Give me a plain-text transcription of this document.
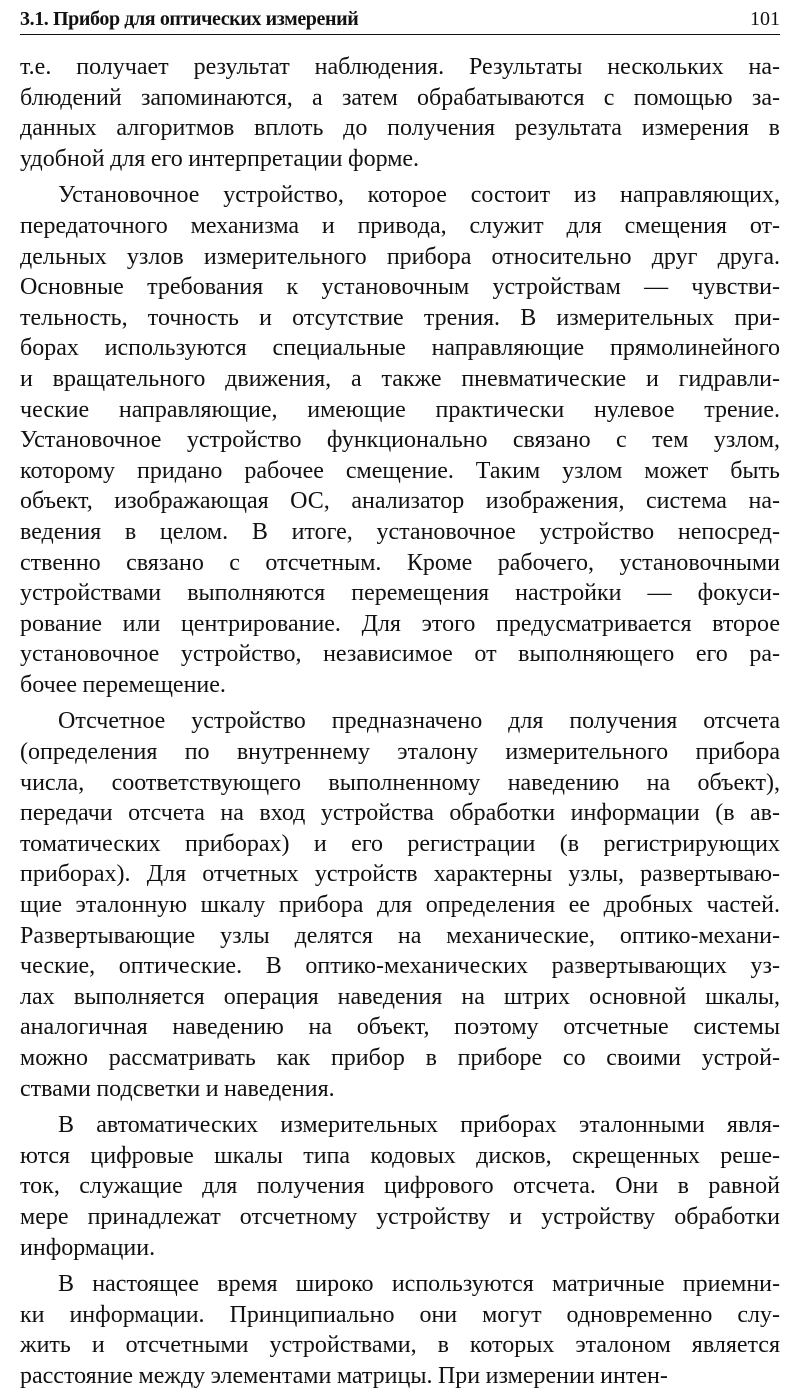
3.1. Прибор для оптических измерений	101
т.е. получает результат наблюдения. Результаты нескольких на-
блюдений запоминаются, а затем обрабатываются с помощью за-
данных алгоритмов вплоть до получения результата измерения в
удобной для его интерпретации форме.
Установочное устройство, которое состоит из направляющих,
передаточного механизма и привода, служит для смещения от-
дельных узлов измерительного прибора относительно друг друга.
Основные требования к установочным устройствам — чувстви-
тельность, точность и отсутствие трения. В измерительных при-
борах используются специальные направляющие прямолинейного
и вращательного движения, а также пневматические и гидравли-
ческие направляющие, имеющие практически нулевое трение.
Установочное устройство функционально связано с тем узлом,
которому придано рабочее смещение. Таким узлом может быть
объект, изображающая ОС, анализатор изображения, система на-
ведения в целом. В итоге, установочное устройство непосред-
ственно связано с отсчетным. Кроме рабочего, установочными
устройствами выполняются перемещения настройки — фокуси-
рование или центрирование. Для этого предусматривается второе
установочное устройство, независимое от выполняющего его ра-
бочее перемещение.
Отсчетное устройство предназначено для получения отсчета
(определения по внутреннему эталону измерительного прибора
числа, соответствующего выполненному наведению на объект),
передачи отсчета на вход устройства обработки информации (в ав-
томатических приборах) и его регистрации (в регистрирующих
приборах). Для отчетных устройств характерны узлы, развертываю-
щие эталонную шкалу прибора для определения ее дробных частей.
Развертывающие узлы делятся на механические, оптико-механи-
ческие, оптические. В оптико-механических развертывающих уз-
лах выполняется операция наведения на штрих основной шкалы,
аналогичная наведению на объект, поэтому отсчетные системы
можно рассматривать как прибор в приборе со своими устрой-
ствами подсветки и наведения.
В автоматических измерительных приборах эталонными явля-
ются цифровые шкалы типа кодовых дисков, скрещенных реше-
ток, служащие для получения цифрового отсчета. Они в равной
мере принадлежат отсчетному устройству и устройству обработки
информации.
В настоящее время широко используются матричные приемни-
ки информации. Принципиально они могут одновременно слу-
жить и отсчетными устройствами, в которых эталоном является
расстояние между элементами матрицы. При измерении интен-
